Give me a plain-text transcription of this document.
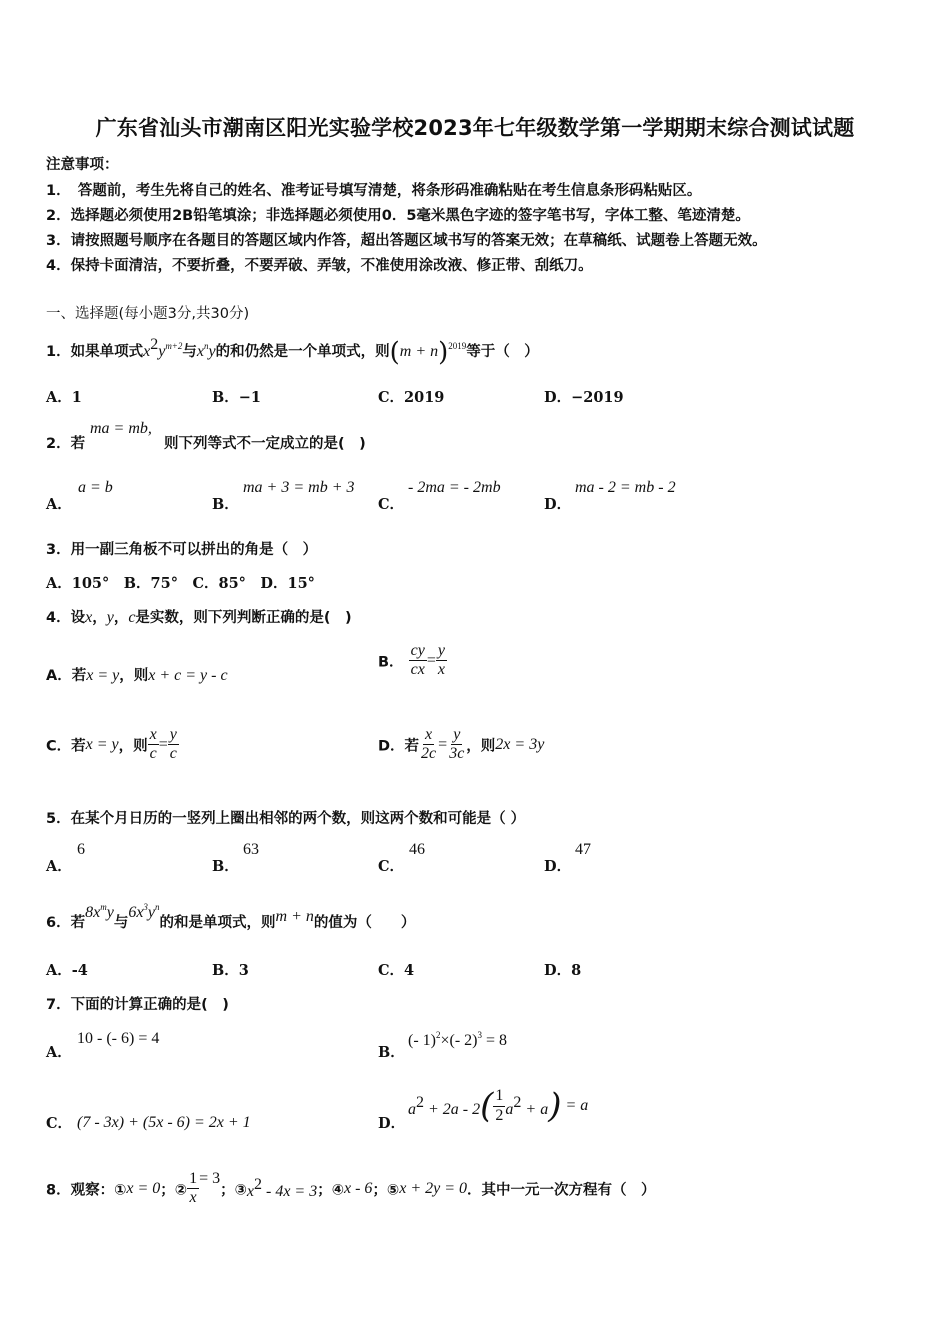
广东省汕头市潮南区阳光实验学校2023年七年级数学第一学期期末综合测试试题
注意事项：
1．　答题前，考生先将自己的姓名、准考证号填写清楚，将条形码准确粘贴在考生信息条形码粘贴区。
2．选择题必须使用2B铅笔填涂；非选择题必须使用0．5毫米黑色字迹的签字笔书写，字体工整、笔迹清楚。
3．请按照题号顺序在各题目的答题区域内作答，超出答题区域书写的答案无效；在草稿纸、试题卷上答题无效。
4．保持卡面清洁，不要折叠，不要弄破、弄皱，不准使用涂改液、修正带、刮纸刀。
一、选择题(每小题3分,共30分)
1．如果单项式$x^2y^{m+2}$与$x^ny$的和仍然是一个单项式，则$(m + n)^{2019}$等于（　）
A．1	B．−1	C．2019	D．−2019
2．若
ma = mb,
则下列等式不一定成立的是(　)
A．
a = b
B．
ma + 3 = mb + 3
C．
- 2ma = - 2mb
D．
ma - 2 = mb - 2
3．用一副三角板不可以拼出的角是（　）
A．105°　B．75°　C．85°　D．15°
4．设x，y，c是实数，则下列判断正确的是(　)
A．若x = y，则x + c = y - c
B． $\frac{cy}{cx} = \frac{y}{x}$
C．若x = y，则 $\frac{x}{c} = \frac{y}{c}$	D．若 $\frac{x}{2c} = \frac{y}{3c}$ ，则2x = 3y
5．在某个月日历的一竖列上圈出相邻的两个数，则这两个数和可能是（ ）
A．
6
B．
63
C．
46
D．
47
6．若$8x^my$与$6x^3y^n$的和是单项式，则m + n的值为（　　）
A．-4	B．3	C．4	D．8
7．下面的计算正确的是(　)
A．
10 - (- 6) = 4
B．
(- 1)$^2$×(- 2)$^3$ = 8
C． (7 - 3x) + (5x - 6) = 2x + 1	D．
$a^2 + 2a - 2( \frac{1}{2} a^2 + a) = a$
8．观察：①x = 0；② $\frac{1}{x} = 3$；$③x^2 - 4x = 3$；④x - 6；⑤x + 2y = 0．其中一元一次方程有（　）
